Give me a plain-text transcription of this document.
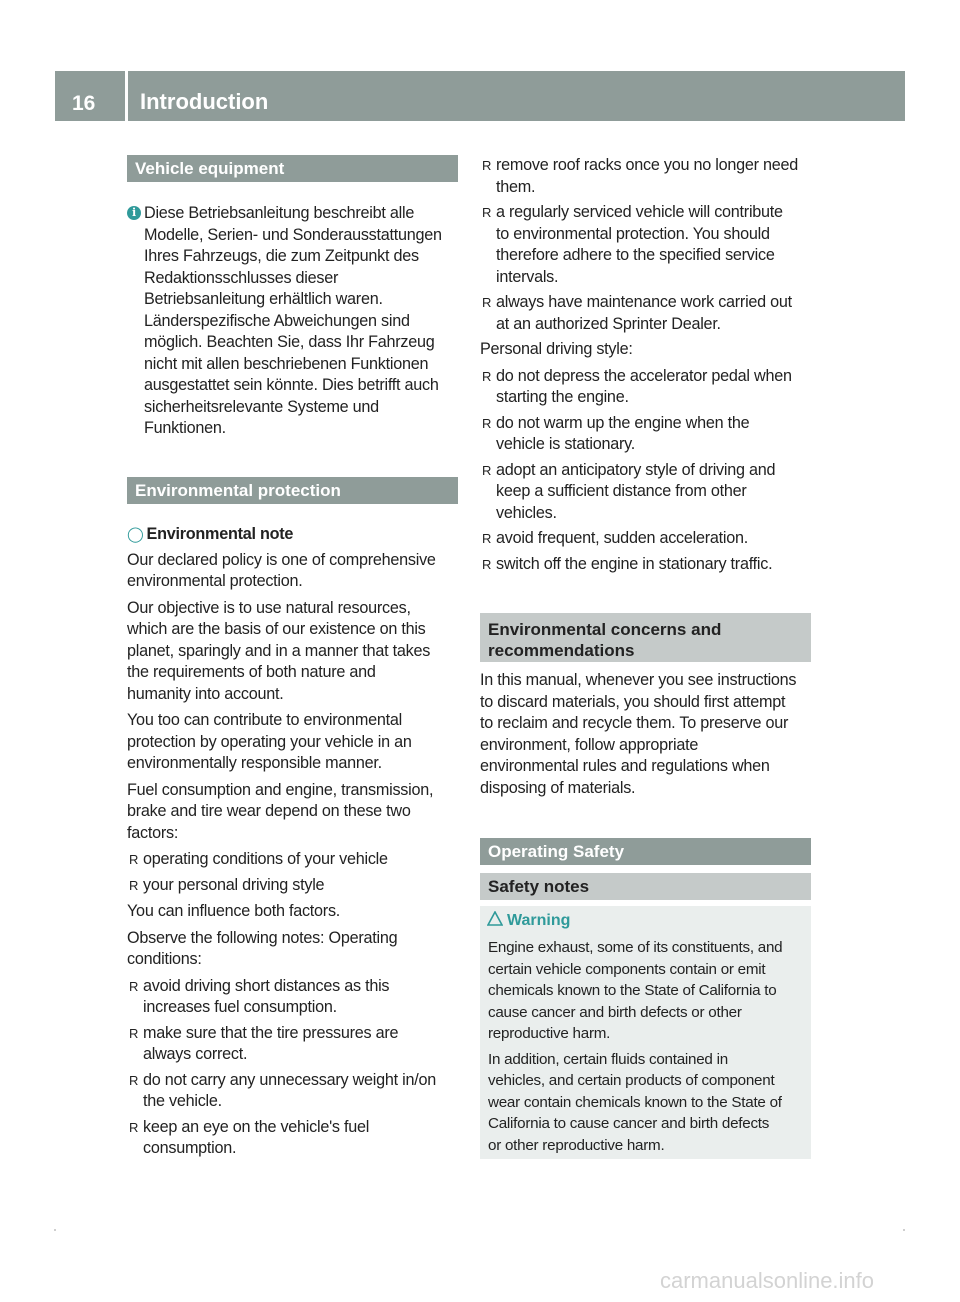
16 Introduction
Vehicle equipment

i Diese Betriebsanleitung beschreibt alle
Modelle, Serien- und Sonderausstattungen
Ihres Fahrzeugs, die zum Zeitpunkt des
Redaktionsschlusses dieser
Betriebsanleitung erhältlich waren.
Länderspezifische Abweichungen sind
möglich. Beachten Sie, dass Ihr Fahrzeug
nicht mit allen beschriebenen Funktionen
ausgestattet sein könnte. Dies betrifft auch
sicherheitsrelevante Systeme und
Funktionen.

Environmental protection

◯ Environmental note

Our declared policy is one of comprehensive
environmental protection.

Our objective is to use natural resources,
which are the basis of our existence on this
planet, sparingly and in a manner that takes
the requirements of both nature and
humanity into account.

You too can contribute to environmental
protection by operating your vehicle in an
environmentally responsible manner.

Fuel consumption and engine, transmission,
brake and tire wear depend on these two
factors:

R operating conditions of your vehicle

R your personal driving style

You can influence both factors.

Observe the following notes: Operating
conditions:

R avoid driving short distances as this
increases fuel consumption.

R make sure that the tire pressures are
always correct.

R do not carry any unnecessary weight in/on
the vehicle.

R keep an eye on the vehicle's fuel
consumption.

R remove roof racks once you no longer need
them.

R a regularly serviced vehicle will contribute
to environmental protection. You should
therefore adhere to the specified service
intervals.

R always have maintenance work carried out
at an authorized Sprinter Dealer.

Personal driving style:

R do not depress the accelerator pedal when
starting the engine.

R do not warm up the engine when the
vehicle is stationary.

R adopt an anticipatory style of driving and
keep a sufficient distance from other
vehicles.

R avoid frequent, sudden acceleration.

R switch off the engine in stationary traffic.

Environmental concerns and
recommendations

In this manual, whenever you see instructions
to discard materials, you should first attempt
to reclaim and recycle them. To preserve our
environment, follow appropriate
environmental rules and regulations when
disposing of materials.

Operating Safety
Safety notes
Warning

Engine exhaust, some of its constituents, and
certain vehicle components contain or emit
chemicals known to the State of California to
cause cancer and birth defects or other
reproductive harm.

In addition, certain fluids contained in
vehicles, and certain products of component
wear contain chemicals known to the State of
California to cause cancer and birth defects
or other reproductive harm.

carmanualsonline.info
